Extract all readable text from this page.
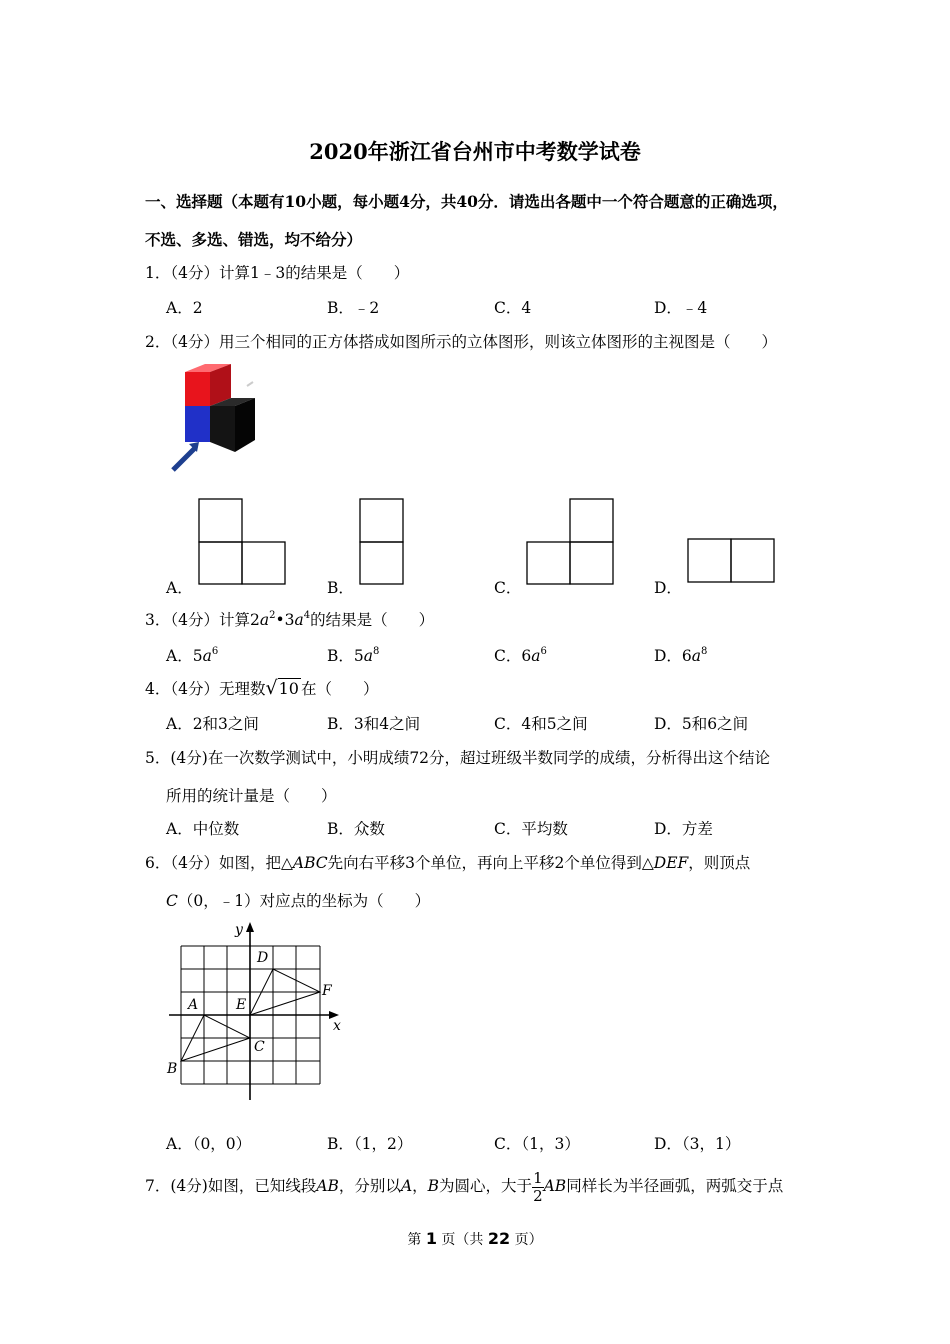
2020年浙江省台州市中考数学试卷
一、选择题（本题有10小题，每小题4分，共40分．请选出各题中一个符合题意的正确选项，
不选、多选、错选，均不给分）
1．（4分）计算1﹣3的结果是（　　）
A．2	B．﹣2	C．4	D．﹣4
2．（4分）用三个相同的正方体搭成如图所示的立体图形，则该立体图形的主视图是（　　）
A．	B．	C．	D．
3．（4分）计算$2a^2•3a^4$的结果是（　　）
A．$5a^6$	B．$5a^8$	C．$6a^6$	D．$6a^8$
4．（4分）无理数√10 在（　　）
A．2和3之间	B．3和4之间	C．4和5之间	D．5和6之间
5．(4分)在一次数学测试中，小明成绩72分，超过班级半数同学的成绩，分析得出这个结论
所用的统计量是（　　）
A．中位数	B．众数	C．平均数	D．方差
6．（4分）如图，把△ABC先向右平移3个单位，再向上平移2个单位得到△DEF，则顶点
C（0，﹣1）对应点的坐标为（　　）
y
x
A
B
C
D
E
F
A．（0，0）	B．（1，2）	C．（1，3）	D．（3，1）
7．(4分)如图，已知线段AB，分别以A，B为圆心，大于 $\frac{1}{2}$ AB同样长为半径画弧，两弧交于点
第 1 页（共 22 页）
